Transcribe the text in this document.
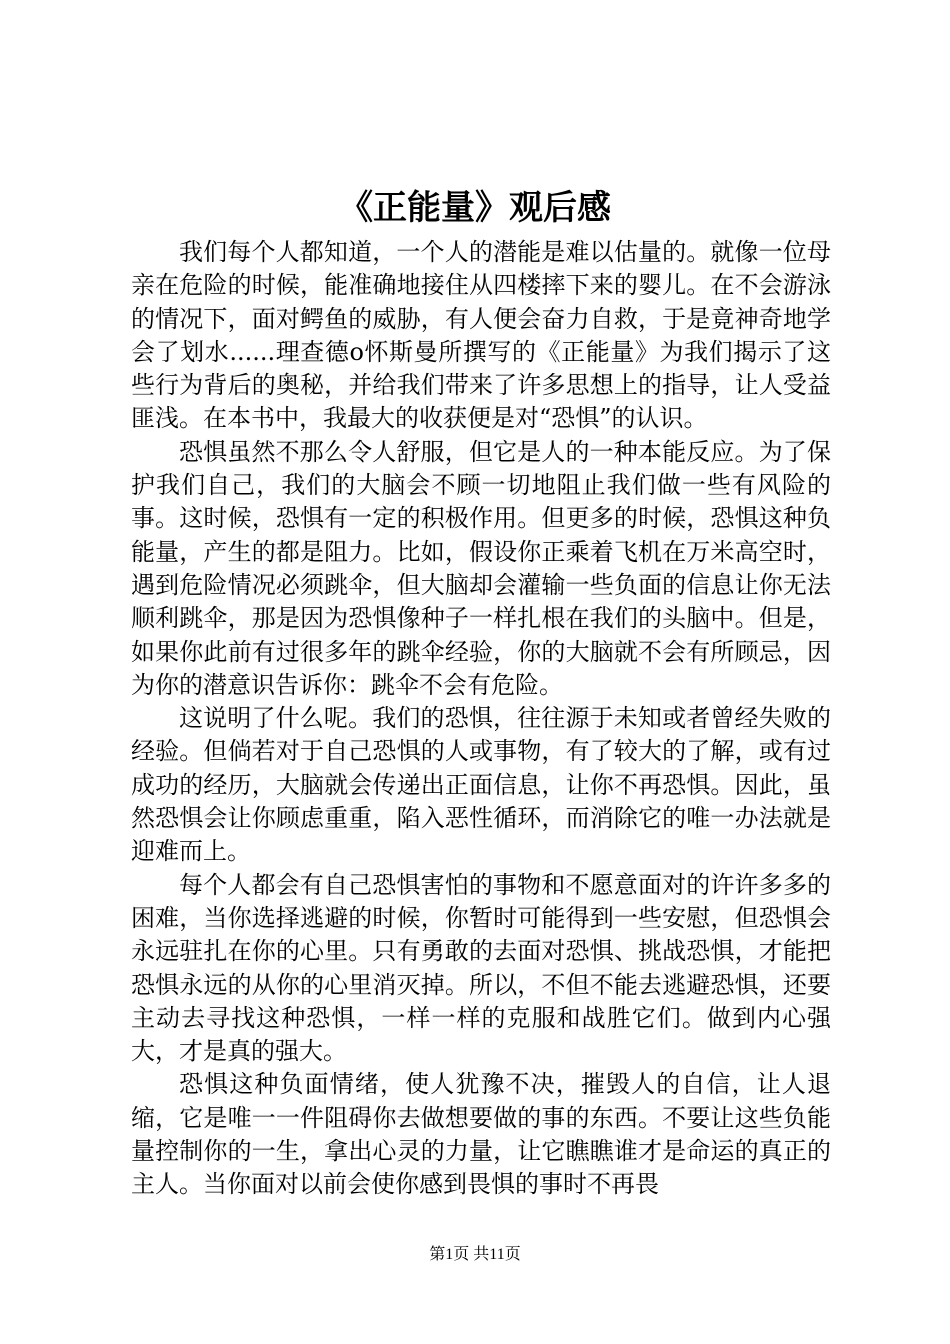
《正能量》观后感

我们每个人都知道，一个人的潜能是难以估量的。就像一位母亲在危险的时候，能准确地接住从四楼摔下来的婴儿。在不会游泳的情况下，面对鳄鱼的威胁，有人便会奋力自救，于是竟神奇地学会了划水......理查德ο怀斯曼所撰写的《正能量》为我们揭示了这些行为背后的奥秘，并给我们带来了许多思想上的指导，让人受益匪浅。在本书中，我最大的收获便是对“恐惧”的认识。

恐惧虽然不那么令人舒服，但它是人的一种本能反应。为了保护我们自己，我们的大脑会不顾一切地阻止我们做一些有风险的事。这时候，恐惧有一定的积极作用。但更多的时候，恐惧这种负能量，产生的都是阻力。比如，假设你正乘着飞机在万米高空时，遇到危险情况必须跳伞，但大脑却会灌输一些负面的信息让你无法顺利跳伞，那是因为恐惧像种子一样扎根在我们的头脑中。但是，如果你此前有过很多年的跳伞经验，你的大脑就不会有所顾忌，因为你的潜意识告诉你：跳伞不会有危险。

这说明了什么呢。我们的恐惧，往往源于未知或者曾经失败的经验。但倘若对于自己恐惧的人或事物，有了较大的了解，或有过成功的经历，大脑就会传递出正面信息，让你不再恐惧。因此，虽然恐惧会让你顾虑重重，陷入恶性循环，而消除它的唯一办法就是迎难而上。

每个人都会有自己恐惧害怕的事物和不愿意面对的许许多多的困难，当你选择逃避的时候，你暂时可能得到一些安慰，但恐惧会永远驻扎在你的心里。只有勇敢的去面对恐惧、挑战恐惧，才能把恐惧永远的从你的心里消灭掉。所以，不但不能去逃避恐惧，还要主动去寻找这种恐惧，一样一样的克服和战胜它们。做到内心强大，才是真的强大。

恐惧这种负面情绪，使人犹豫不决，摧毁人的自信，让人退缩，它是唯一一件阻碍你去做想要做的事的东西。不要让这些负能量控制你的一生，拿出心灵的力量，让它瞧瞧谁才是命运的真正的主人。当你面对以前会使你感到畏惧的事时不再畏

第1页 共11页
